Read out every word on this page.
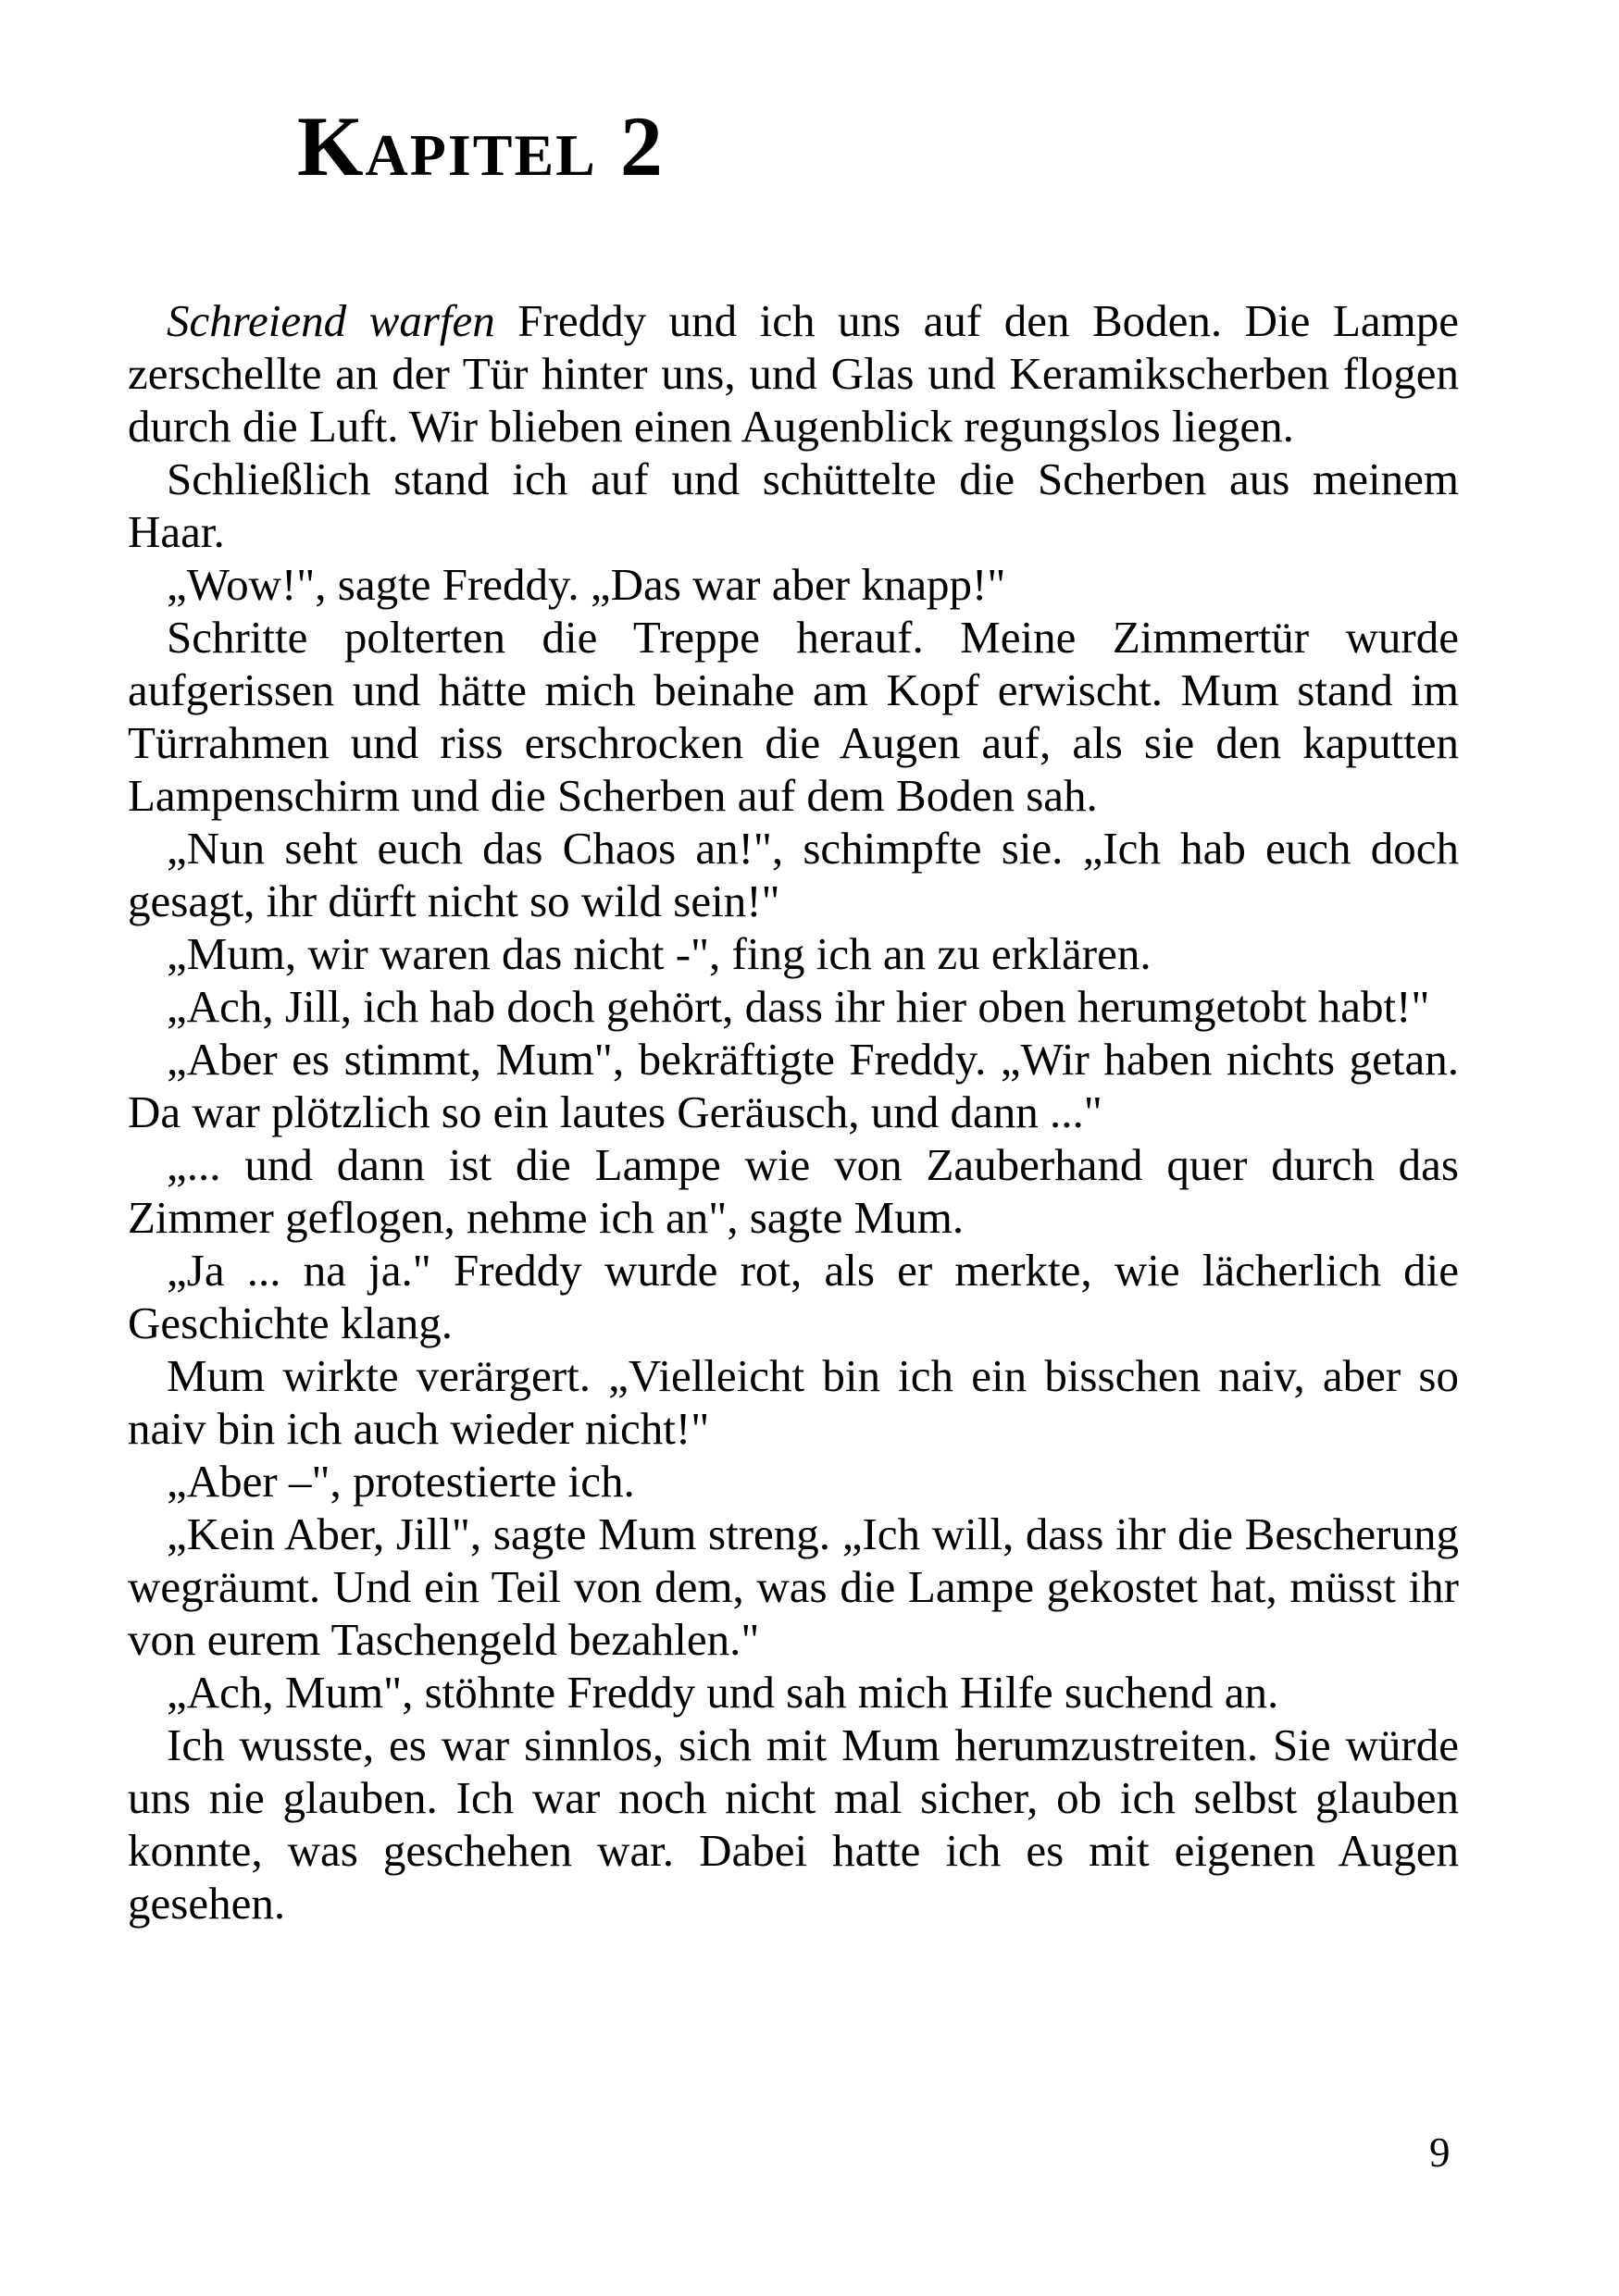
Kapitel 2

Schreiend warfen Freddy und ich uns auf den Boden. Die Lampe zerschellte an der Tür hinter uns, und Glas und Keramikscherben flogen durch die Luft. Wir blieben einen Augenblick regungslos liegen.

Schließlich stand ich auf und schüttelte die Scherben aus meinem Haar.

„Wow!", sagte Freddy. „Das war aber knapp!"

Schritte polterten die Treppe herauf. Meine Zimmertür wurde aufgerissen und hätte mich beinahe am Kopf erwischt. Mum stand im Türrahmen und riss erschrocken die Augen auf, als sie den kaputten Lampenschirm und die Scherben auf dem Boden sah.

„Nun seht euch das Chaos an!", schimpfte sie. „Ich hab euch doch gesagt, ihr dürft nicht so wild sein!"

„Mum, wir waren das nicht -", fing ich an zu erklären.

„Ach, Jill, ich hab doch gehört, dass ihr hier oben herumgetobt habt!"

„Aber es stimmt, Mum", bekräftigte Freddy. „Wir haben nichts getan. Da war plötzlich so ein lautes Geräusch, und dann ..."

„... und dann ist die Lampe wie von Zauberhand quer durch das Zimmer geflogen, nehme ich an", sagte Mum.

„Ja ... na ja." Freddy wurde rot, als er merkte, wie lächerlich die Geschichte klang.

Mum wirkte verärgert. „Vielleicht bin ich ein bisschen naiv, aber so naiv bin ich auch wieder nicht!"

„Aber –", protestierte ich.

„Kein Aber, Jill", sagte Mum streng. „Ich will, dass ihr die Bescherung wegräumt. Und ein Teil von dem, was die Lampe gekostet hat, müsst ihr von eurem Taschengeld bezahlen."

„Ach, Mum", stöhnte Freddy und sah mich Hilfe suchend an.

Ich wusste, es war sinnlos, sich mit Mum herumzustreiten. Sie würde uns nie glauben. Ich war noch nicht mal sicher, ob ich selbst glauben konnte, was geschehen war. Dabei hatte ich es mit eigenen Augen gesehen.

9
